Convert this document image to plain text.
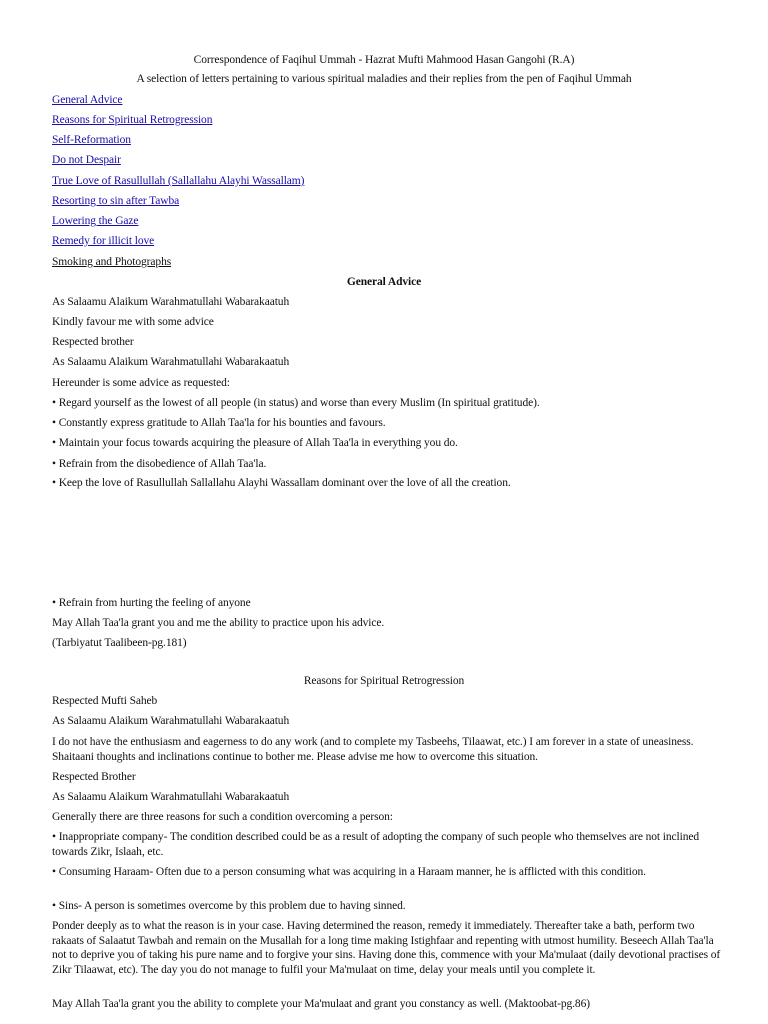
Correspondence of Faqihul Ummah - Hazrat Mufti Mahmood Hasan Gangohi (R.A)
A selection of letters pertaining to various spiritual maladies and their replies from the pen of Faqihul Ummah
General Advice
Reasons for Spiritual Retrogression
Self-Reformation
Do not Despair
True Love of Rasullullah (Sallallahu Alayhi Wassallam)
Resorting to sin after Tawba
Lowering the Gaze
Remedy for illicit love
Smoking and Photographs
General Advice
As Salaamu Alaikum Warahmatullahi Wabarakaatuh
Kindly favour me with some advice
Respected brother
As Salaamu Alaikum Warahmatullahi Wabarakaatuh
Hereunder is some advice as requested:
• Regard yourself as the lowest of all people (in status) and worse than every Muslim (In spiritual gratitude).
• Constantly express gratitude to Allah Taa'la for his bounties and favours.
• Maintain your focus towards acquiring the pleasure of Allah Taa'la in everything you do.
• Refrain from the disobedience of Allah Taa'la.
• Keep the love of Rasullullah Sallallahu Alayhi Wassallam dominant over the love of all the creation.
• Refrain from hurting the feeling of anyone
May Allah Taa'la grant you and me the ability to practice upon his advice.
(Tarbiyatut Taalibeen-pg.181)
Reasons for Spiritual Retrogression
Respected Mufti Saheb
As Salaamu Alaikum Warahmatullahi Wabarakaatuh
I do not have the enthusiasm and eagerness to do any work (and to complete my Tasbeehs, Tilaawat, etc.) I am forever in a state of uneasiness. Shaitaani thoughts and inclinations continue to bother me. Please advise me how to overcome this situation.
Respected Brother
As Salaamu Alaikum Warahmatullahi Wabarakaatuh
Generally there are three reasons for such a condition overcoming a person:
• Inappropriate company- The condition described could be as a result of adopting the company of such people who themselves are not inclined towards Zikr, Islaah, etc.
• Consuming Haraam- Often due to a person consuming what was acquiring in a Haraam manner, he is afflicted with this condition.
• Sins- A person is sometimes overcome by this problem due to having sinned.
Ponder deeply as to what the reason is in your case. Having determined the reason, remedy it immediately. Thereafter take a bath, perform two rakaats of Salaatut Tawbah and remain on the Musallah for a long time making Istighfaar and repenting with utmost humility. Beseech Allah Taa'la not to deprive you of taking his pure name and to forgive your sins. Having done this, commence with your Ma'mulaat (daily devotional practises of Zikr Tilaawat, etc). The day you do not manage to fulfil your Ma'mulaat on time, delay your meals until you complete it.
May Allah Taa'la grant you the ability to complete your Ma'mulaat and grant you constancy as well. (Maktoobat-pg.86)
